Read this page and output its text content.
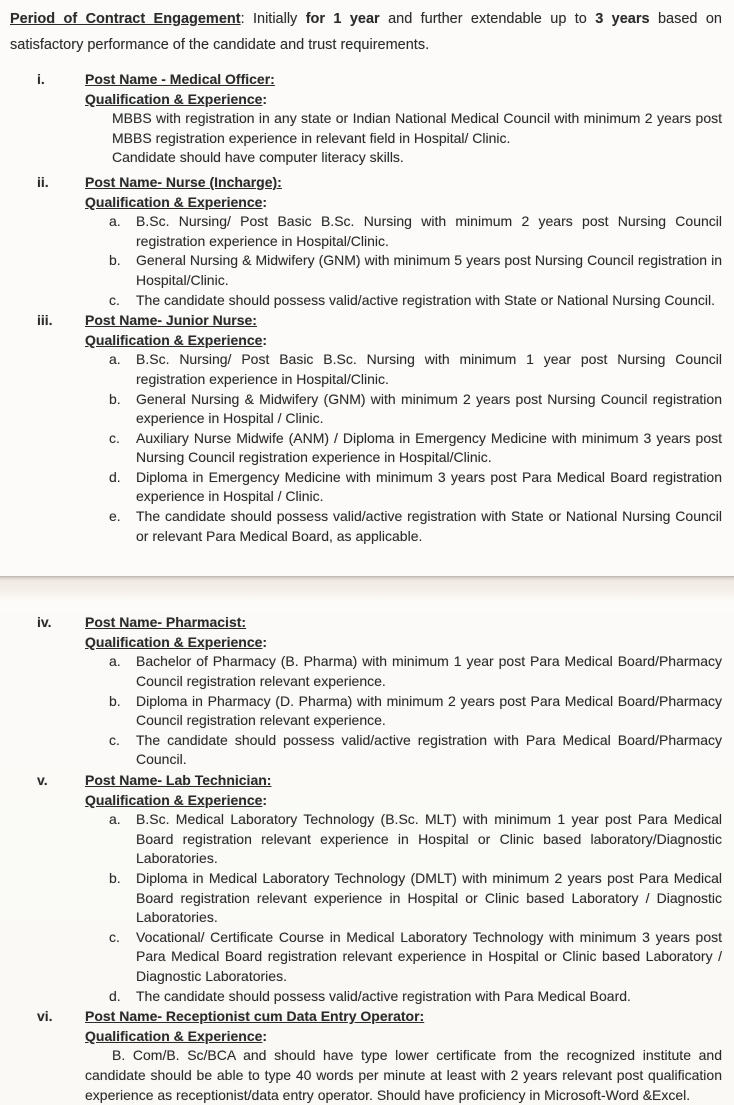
Period of Contract Engagement: Initially for 1 year and further extendable up to 3 years based on satisfactory performance of the candidate and trust requirements.

i.	Post Name - Medical Officer:
Qualification & Experience:
MBBS with registration in any state or Indian National Medical Council with minimum 2 years post MBBS registration experience in relevant field in Hospital/ Clinic.
Candidate should have computer literacy skills.
ii.	Post Name- Nurse (Incharge):
Qualification & Experience:
a.	B.Sc. Nursing/ Post Basic B.Sc. Nursing with minimum 2 years post Nursing Council registration experience in Hospital/Clinic.
b.	General Nursing & Midwifery (GNM) with minimum 5 years post Nursing Council registration in Hospital/Clinic.
c.	The candidate should possess valid/active registration with State or National Nursing Council.
iii.	Post Name- Junior Nurse:
Qualification & Experience:
a.	B.Sc. Nursing/ Post Basic B.Sc. Nursing with minimum 1 year post Nursing Council registration experience in Hospital/Clinic.
b.	General Nursing & Midwifery (GNM) with minimum 2 years post Nursing Council registration experience in Hospital / Clinic.
c.	Auxiliary Nurse Midwife (ANM) / Diploma in Emergency Medicine with minimum 3 years post Nursing Council registration experience in Hospital/Clinic.
d.	Diploma in Emergency Medicine with minimum 3 years post Para Medical Board registration experience in Hospital / Clinic.
e.	The candidate should possess valid/active registration with State or National Nursing Council or relevant Para Medical Board, as applicable.
iv.	Post Name- Pharmacist:
Qualification & Experience:
a.	Bachelor of Pharmacy (B. Pharma) with minimum 1 year post Para Medical Board/Pharmacy Council registration relevant experience.
b.	Diploma in Pharmacy (D. Pharma) with minimum 2 years post Para Medical Board/Pharmacy Council registration relevant experience.
c.	The candidate should possess valid/active registration with Para Medical Board/Pharmacy Council.
v.	Post Name- Lab Technician:
Qualification & Experience:
a.	B.Sc. Medical Laboratory Technology (B.Sc. MLT) with minimum 1 year post Para Medical Board registration relevant experience in Hospital or Clinic based laboratory/Diagnostic Laboratories.
b.	Diploma in Medical Laboratory Technology (DMLT) with minimum 2 years post Para Medical Board registration relevant experience in Hospital or Clinic based Laboratory / Diagnostic Laboratories.
c.	Vocational/ Certificate Course in Medical Laboratory Technology with minimum 3 years post Para Medical Board registration relevant experience in Hospital or Clinic based Laboratory / Diagnostic Laboratories.
d.	The candidate should possess valid/active registration with Para Medical Board.
vi.	Post Name- Receptionist cum Data Entry Operator:
Qualification & Experience:
B. Com/B. Sc/BCA and should have type lower certificate from the recognized institute and candidate should be able to type 40 words per minute at least with 2 years relevant post qualification experience as receptionist/data entry operator. Should have proficiency in Microsoft-Word &Excel.
